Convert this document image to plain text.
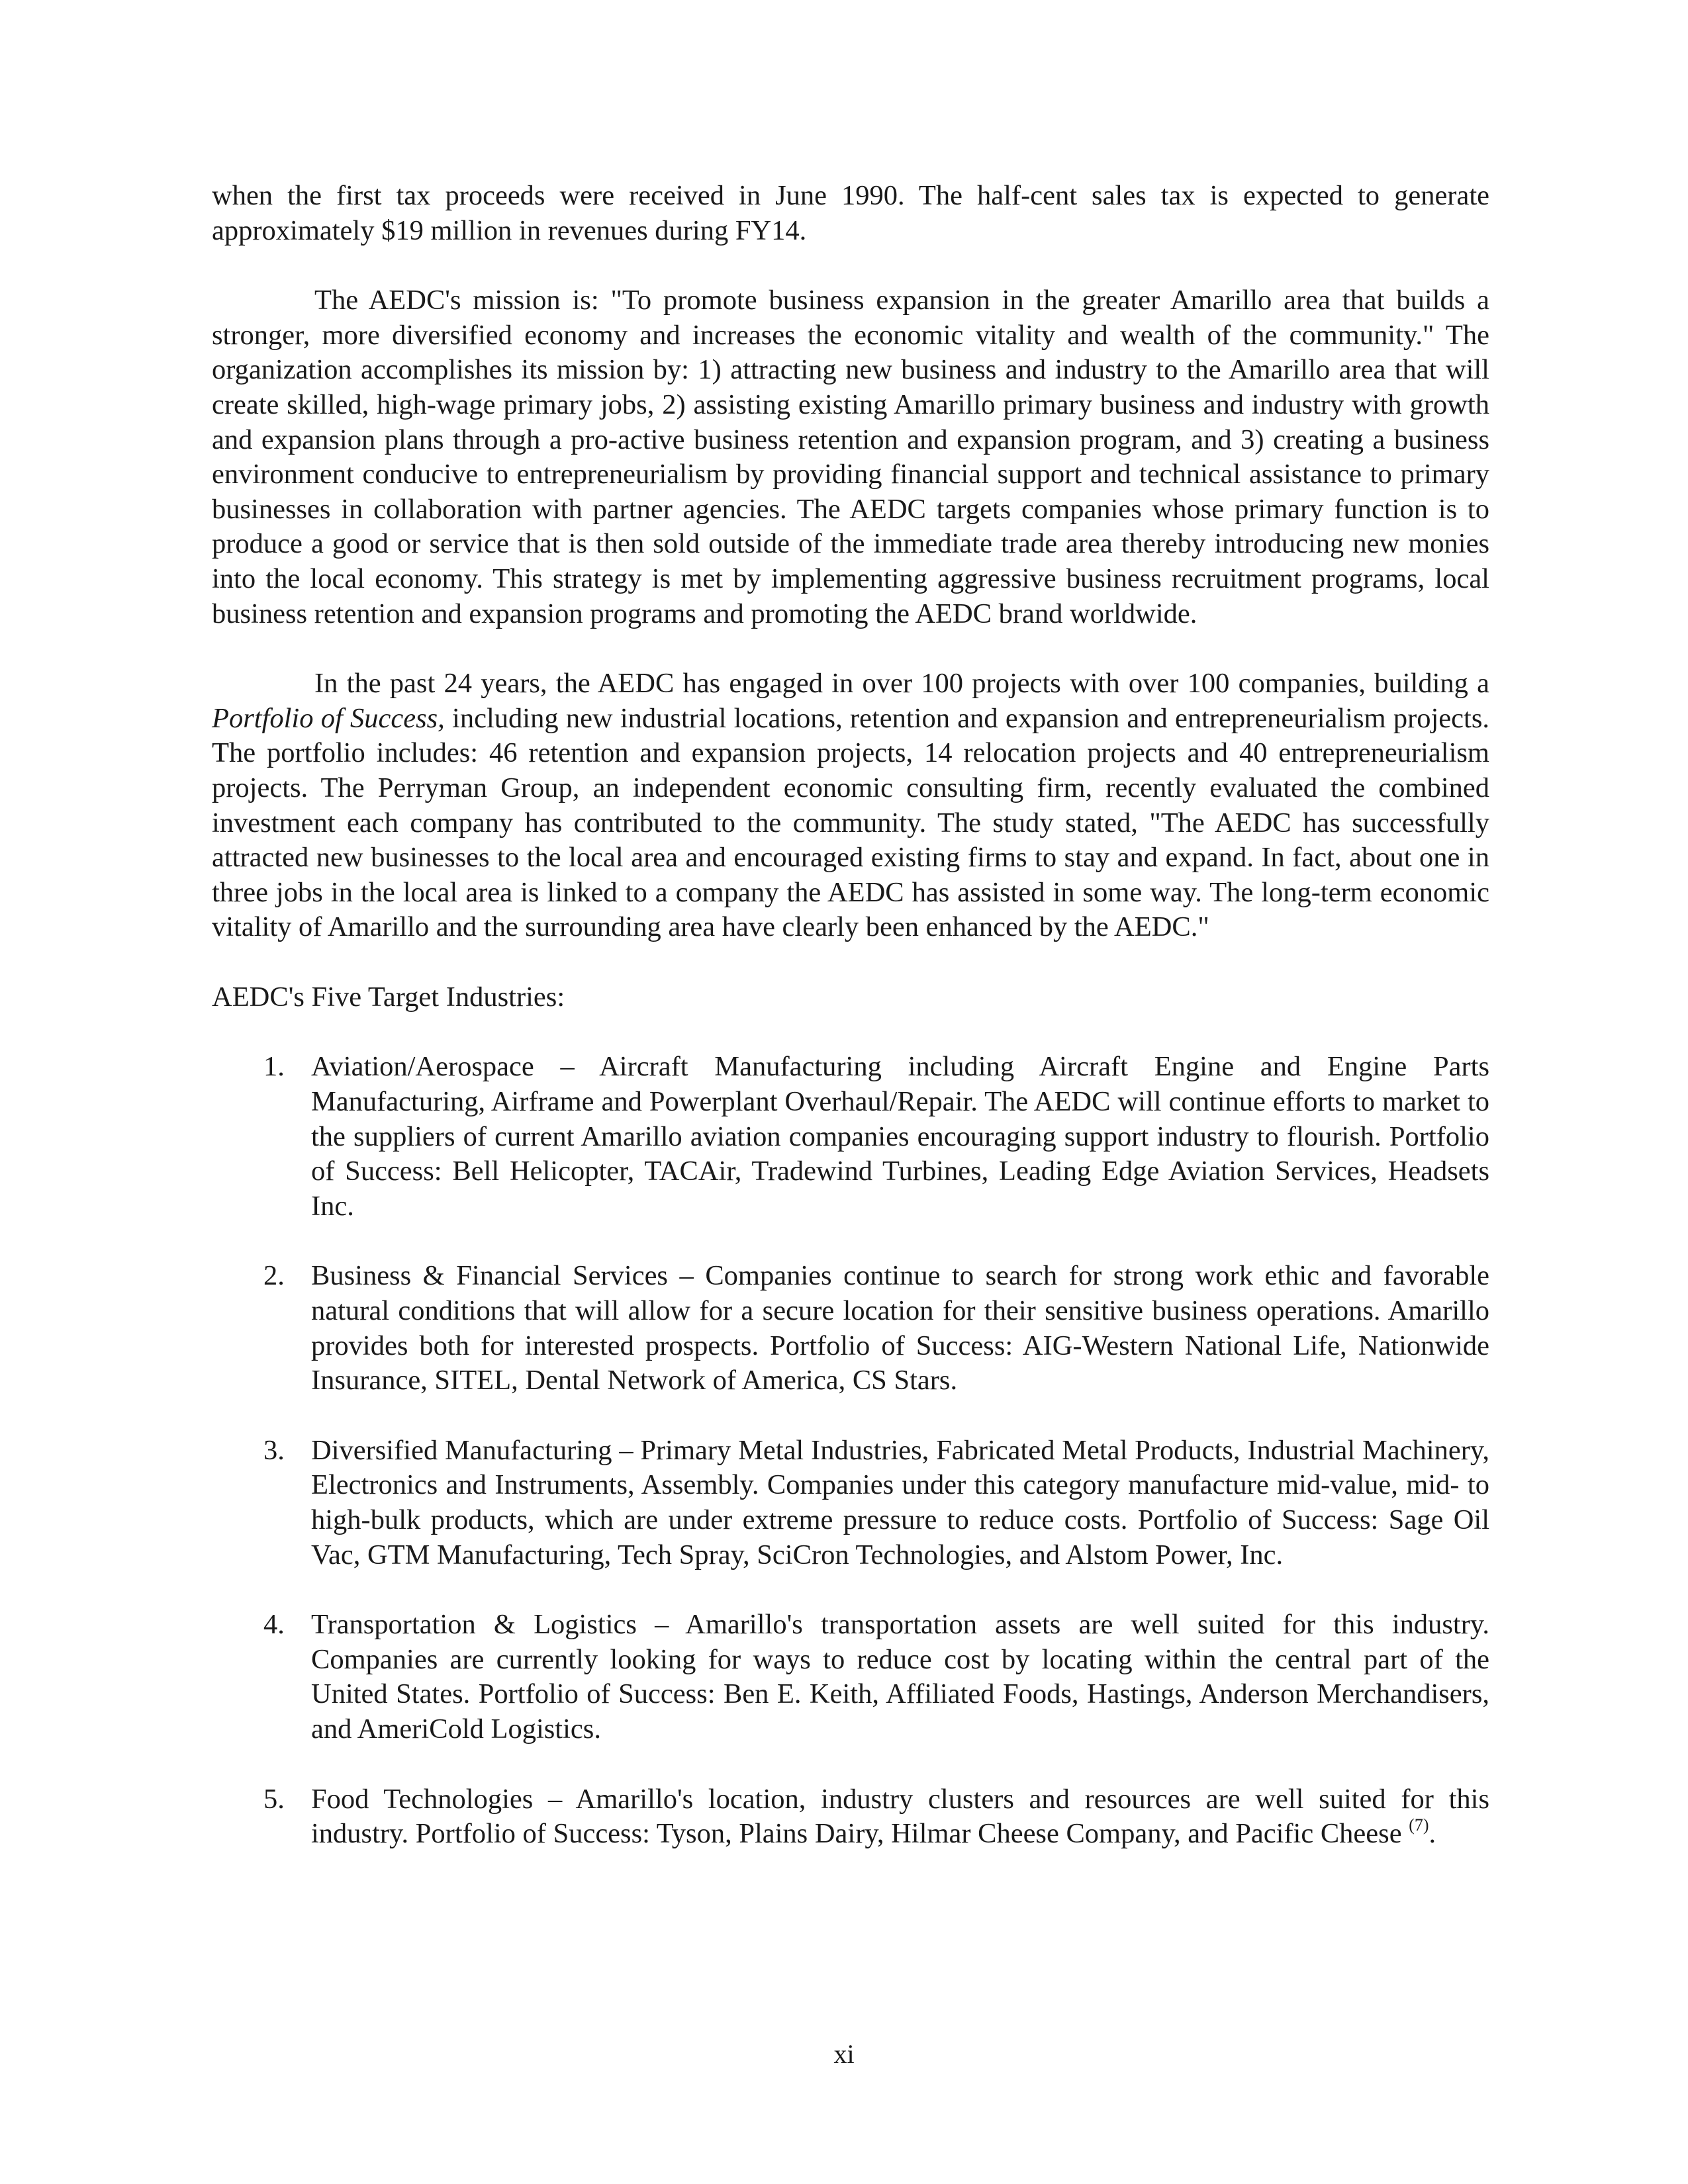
when the first tax proceeds were received in June 1990. The half-cent sales tax is expected to generate approximately $19 million in revenues during FY14.

The AEDC's mission is: "To promote business expansion in the greater Amarillo area that builds a stronger, more diversified economy and increases the economic vitality and wealth of the community." The organization accomplishes its mission by: 1) attracting new business and industry to the Amarillo area that will create skilled, high-wage primary jobs, 2) assisting existing Amarillo primary business and industry with growth and expansion plans through a pro-active business retention and expansion program, and 3) creating a business environment conducive to entrepreneurialism by providing financial support and technical assistance to primary businesses in collaboration with partner agencies. The AEDC targets companies whose primary function is to produce a good or service that is then sold outside of the immediate trade area thereby introducing new monies into the local economy. This strategy is met by implementing aggressive business recruitment programs, local business retention and expansion programs and promoting the AEDC brand worldwide.

In the past 24 years, the AEDC has engaged in over 100 projects with over 100 companies, building a Portfolio of Success, including new industrial locations, retention and expansion and entrepreneurialism projects. The portfolio includes: 46 retention and expansion projects, 14 relocation projects and 40 entrepreneurialism projects. The Perryman Group, an independent economic consulting firm, recently evaluated the combined investment each company has contributed to the community. The study stated, "The AEDC has successfully attracted new businesses to the local area and encouraged existing firms to stay and expand. In fact, about one in three jobs in the local area is linked to a company the AEDC has assisted in some way. The long-term economic vitality of Amarillo and the surrounding area have clearly been enhanced by the AEDC."

AEDC's Five Target Industries:

1. Aviation/Aerospace – Aircraft Manufacturing including Aircraft Engine and Engine Parts Manufacturing, Airframe and Powerplant Overhaul/Repair. The AEDC will continue efforts to market to the suppliers of current Amarillo aviation companies encouraging support industry to flourish. Portfolio of Success: Bell Helicopter, TACAir, Tradewind Turbines, Leading Edge Aviation Services, Headsets Inc.
2. Business & Financial Services – Companies continue to search for strong work ethic and favorable natural conditions that will allow for a secure location for their sensitive business operations. Amarillo provides both for interested prospects. Portfolio of Success: AIG-Western National Life, Nationwide Insurance, SITEL, Dental Network of America, CS Stars.
3. Diversified Manufacturing – Primary Metal Industries, Fabricated Metal Products, Industrial Machinery, Electronics and Instruments, Assembly. Companies under this category manufacture mid-value, mid- to high-bulk products, which are under extreme pressure to reduce costs. Portfolio of Success: Sage Oil Vac, GTM Manufacturing, Tech Spray, SciCron Technologies, and Alstom Power, Inc.
4. Transportation & Logistics – Amarillo's transportation assets are well suited for this industry. Companies are currently looking for ways to reduce cost by locating within the central part of the United States. Portfolio of Success: Ben E. Keith, Affiliated Foods, Hastings, Anderson Merchandisers, and AmeriCold Logistics.
5. Food Technologies – Amarillo's location, industry clusters and resources are well suited for this industry. Portfolio of Success: Tyson, Plains Dairy, Hilmar Cheese Company, and Pacific Cheese $^{(7)}$.
xi
